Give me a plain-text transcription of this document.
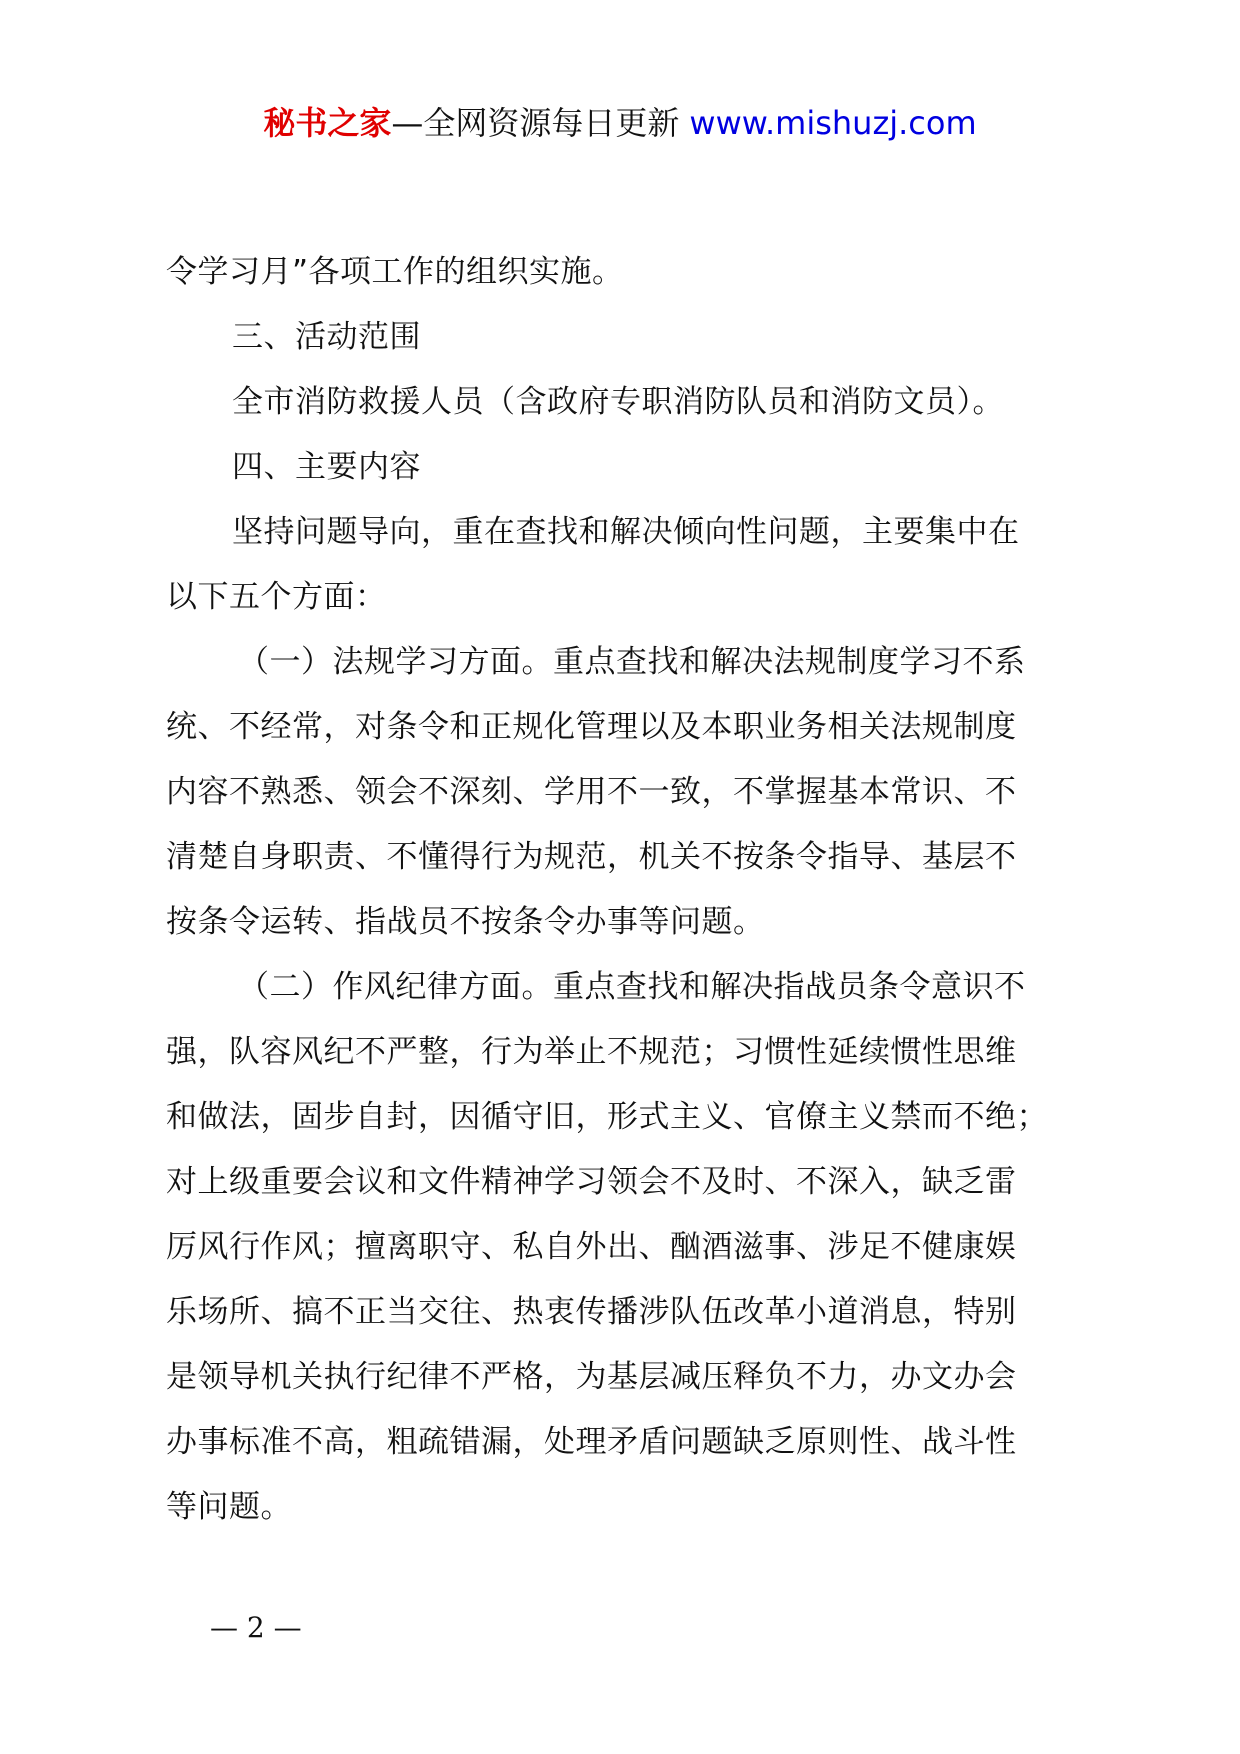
秘书之家—全网资源每日更新 www.mishuzj.com
令学习月”各项工作的组织实施。
三、活动范围
全市消防救援人员（含政府专职消防队员和消防文员）。
四、主要内容
坚持问题导向，重在查找和解决倾向性问题，主要集中在
以下五个方面：
（一）法规学习方面。重点查找和解决法规制度学习不系
统、不经常，对条令和正规化管理以及本职业务相关法规制度
内容不熟悉、领会不深刻、学用不一致，不掌握基本常识、不
清楚自身职责、不懂得行为规范，机关不按条令指导、基层不
按条令运转、指战员不按条令办事等问题。
（二）作风纪律方面。重点查找和解决指战员条令意识不
强，队容风纪不严整，行为举止不规范；习惯性延续惯性思维
和做法，固步自封，因循守旧，形式主义、官僚主义禁而不绝；
对上级重要会议和文件精神学习领会不及时、不深入，缺乏雷
厉风行作风；擅离职守、私自外出、酗酒滋事、涉足不健康娱
乐场所、搞不正当交往、热衷传播涉队伍改革小道消息，特别
是领导机关执行纪律不严格，为基层减压释负不力，办文办会
办事标准不高，粗疏错漏，处理矛盾问题缺乏原则性、战斗性
等问题。
— 2 —
